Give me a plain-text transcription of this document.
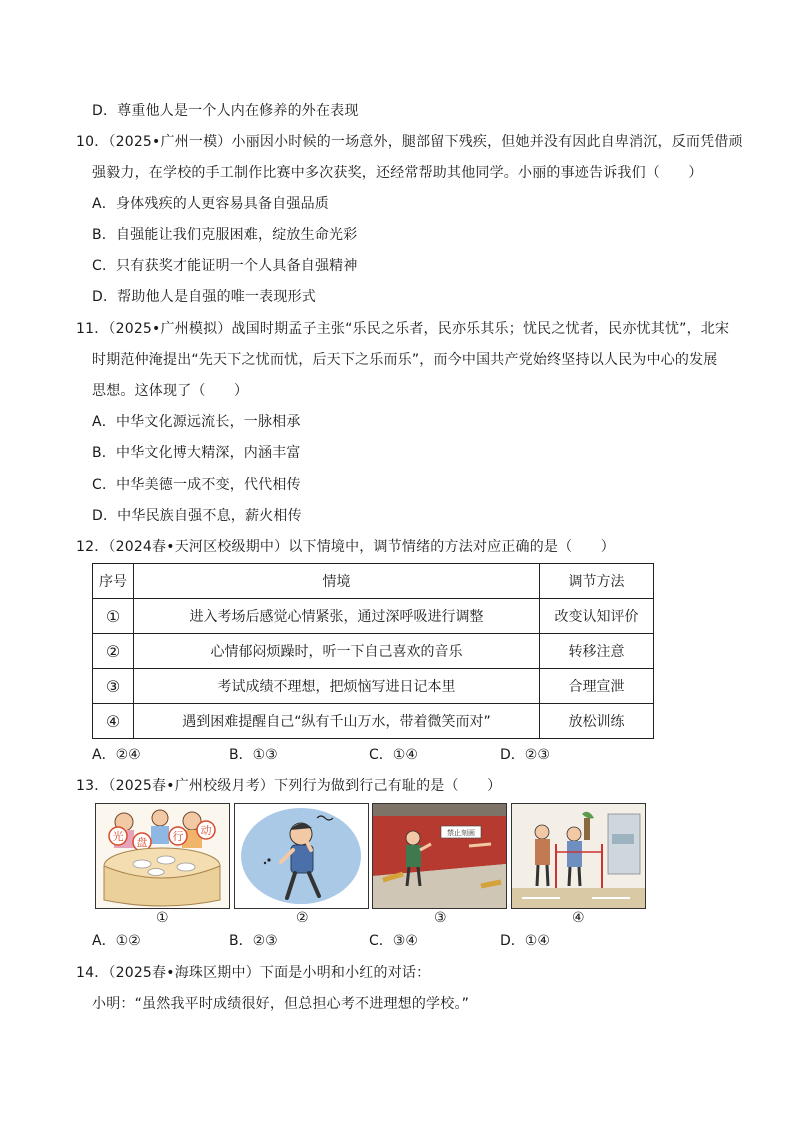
D．尊重他人是一个人内在修养的外在表现
10．（2025•广州一模）小丽因小时候的一场意外，腿部留下残疾，但她并没有因此自卑消沉，反而凭借顽
强毅力，在学校的手工制作比赛中多次获奖，还经常帮助其他同学。小丽的事迹告诉我们（　　）
A．身体残疾的人更容易具备自强品质
B．自强能让我们克服困难，绽放生命光彩
C．只有获奖才能证明一个人具备自强精神
D．帮助他人是自强的唯一表现形式
11．（2025•广州模拟）战国时期孟子主张“乐民之乐者，民亦乐其乐；忧民之忧者，民亦忧其忧”，北宋
时期范仲淹提出“先天下之忧而忧，后天下之乐而乐”，而今中国共产党始终坚持以人民为中心的发展
思想。这体现了（　　）
A．中华文化源远流长，一脉相承
B．中华文化博大精深，内涵丰富
C．中华美德一成不变，代代相传
D．中华民族自强不息，薪火相传
12．（2024春•天河区校级期中）以下情境中，调节情绪的方法对应正确的是（　　）
序号	情境	调节方法
①	进入考场后感觉心情紧张，通过深呼吸进行调整	改变认知评价
②	心情郁闷烦躁时，听一下自己喜欢的音乐	转移注意
③	考试成绩不理想，把烦恼写进日记本里	合理宣泄
④	遇到困难提醒自己“纵有千山万水，带着微笑而对”	放松训练
A．②④	B．①③	C．①④	D．②③
13．（2025春•广州校级月考）下列行为做到行己有耻的是（　　）
光 盘 行 动	禁止刻画
①	②	③	④
A．①②	B．②③	C．③④	D．①④
14．（2025春•海珠区期中）下面是小明和小红的对话：
小明：“虽然我平时成绩很好，但总担心考不进理想的学校。”
